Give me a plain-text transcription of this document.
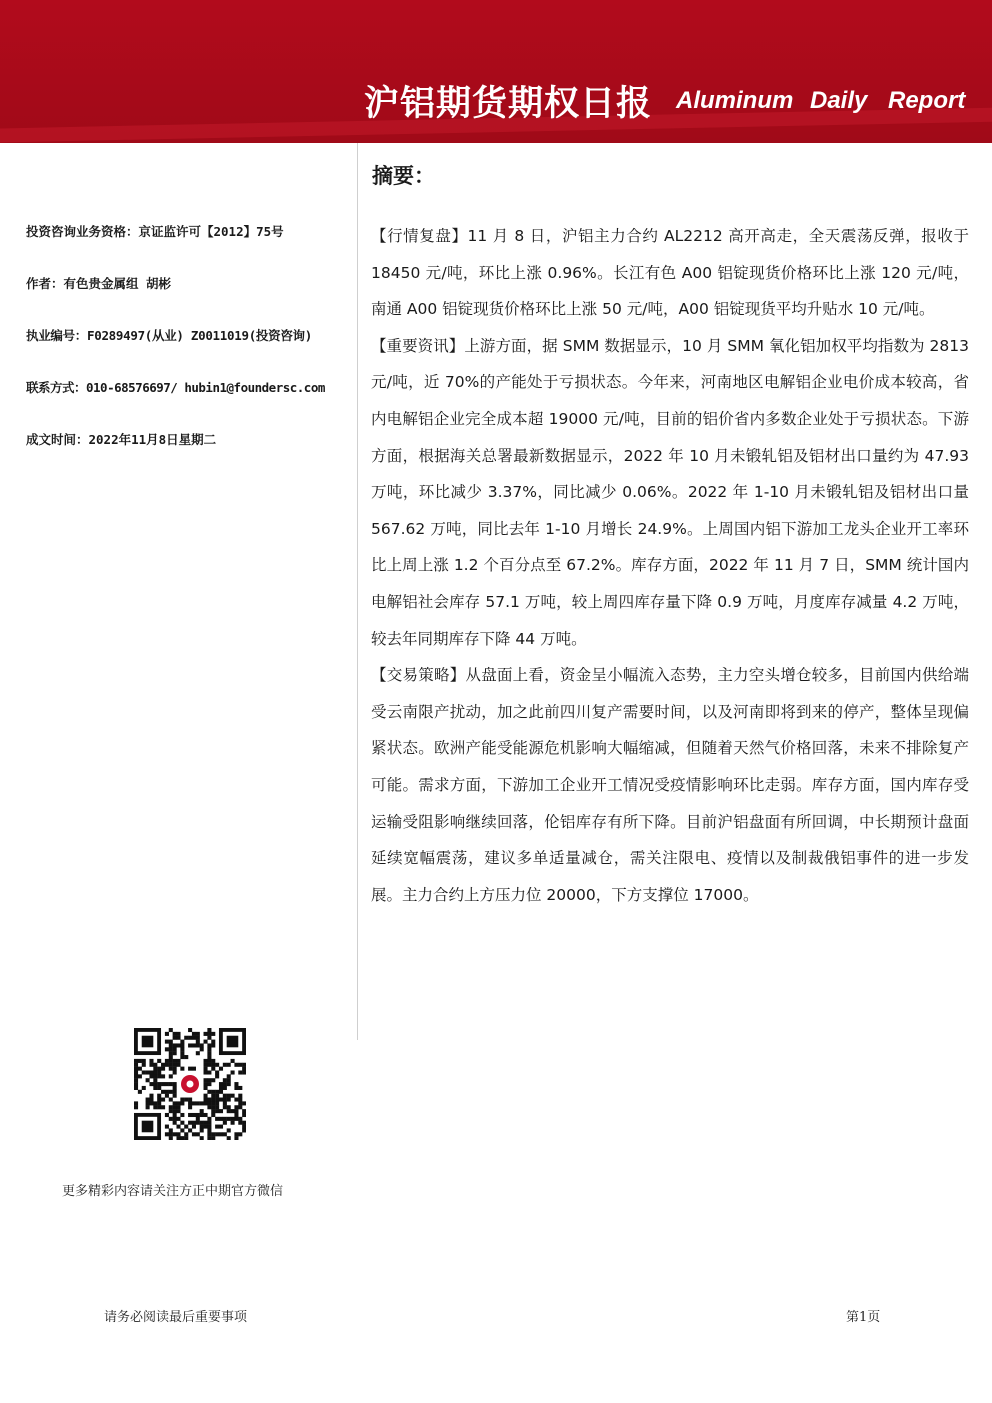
沪铝期货期权日报 Aluminum Daily Report
投资咨询业务资格：京证监许可【2012】75号
作者：有色贵金属组 胡彬
执业编号：F0289497(从业) Z0011019(投资咨询)
联系方式：010-68576697/ hubin1@foundersc.com
成文时间：2022年11月8日星期二
摘要：

【行情复盘】11 月 8 日，沪铝主力合约 AL2212 高开高走，全天震荡反弹，报收于 18450 元/吨，环比上涨 0.96%。长江有色 A00 铝锭现货价格环比上涨 120 元/吨，南通 A00 铝锭现货价格环比上涨 50 元/吨，A00 铝锭现货平均升贴水 10 元/吨。

【重要资讯】上游方面，据 SMM 数据显示，10 月 SMM 氧化铝加权平均指数为 2813 元/吨，近 70%的产能处于亏损状态。今年来，河南地区电解铝企业电价成本较高，省内电解铝企业完全成本超 19000 元/吨，目前的铝价省内多数企业处于亏损状态。下游方面，根据海关总署最新数据显示，2022 年 10 月未锻轧铝及铝材出口量约为 47.93 万吨，环比减少 3.37%，同比减少 0.06%。2022 年 1-10 月未锻轧铝及铝材出口量 567.62 万吨，同比去年 1-10 月增长 24.9%。上周国内铝下游加工龙头企业开工率环比上周上涨 1.2 个百分点至 67.2%。库存方面，2022 年 11 月 7 日，SMM 统计国内电解铝社会库存 57.1 万吨，较上周四库存量下降 0.9 万吨，月度库存减量 4.2 万吨，较去年同期库存下降 44 万吨。

【交易策略】从盘面上看，资金呈小幅流入态势，主力空头增仓较多，目前国内供给端受云南限产扰动，加之此前四川复产需要时间，以及河南即将到来的停产，整体呈现偏紧状态。欧洲产能受能源危机影响大幅缩减，但随着天然气价格回落，未来不排除复产可能。需求方面，下游加工企业开工情况受疫情影响环比走弱。库存方面，国内库存受运输受阻影响继续回落，伦铝库存有所下降。目前沪铝盘面有所回调，中长期预计盘面延续宽幅震荡，建议多单适量减仓，需关注限电、疫情以及制裁俄铝事件的进一步发展。主力合约上方压力位 20000，下方支撑位 17000。

更多精彩内容请关注方正中期官方微信
请务必阅读最后重要事项	第1页
